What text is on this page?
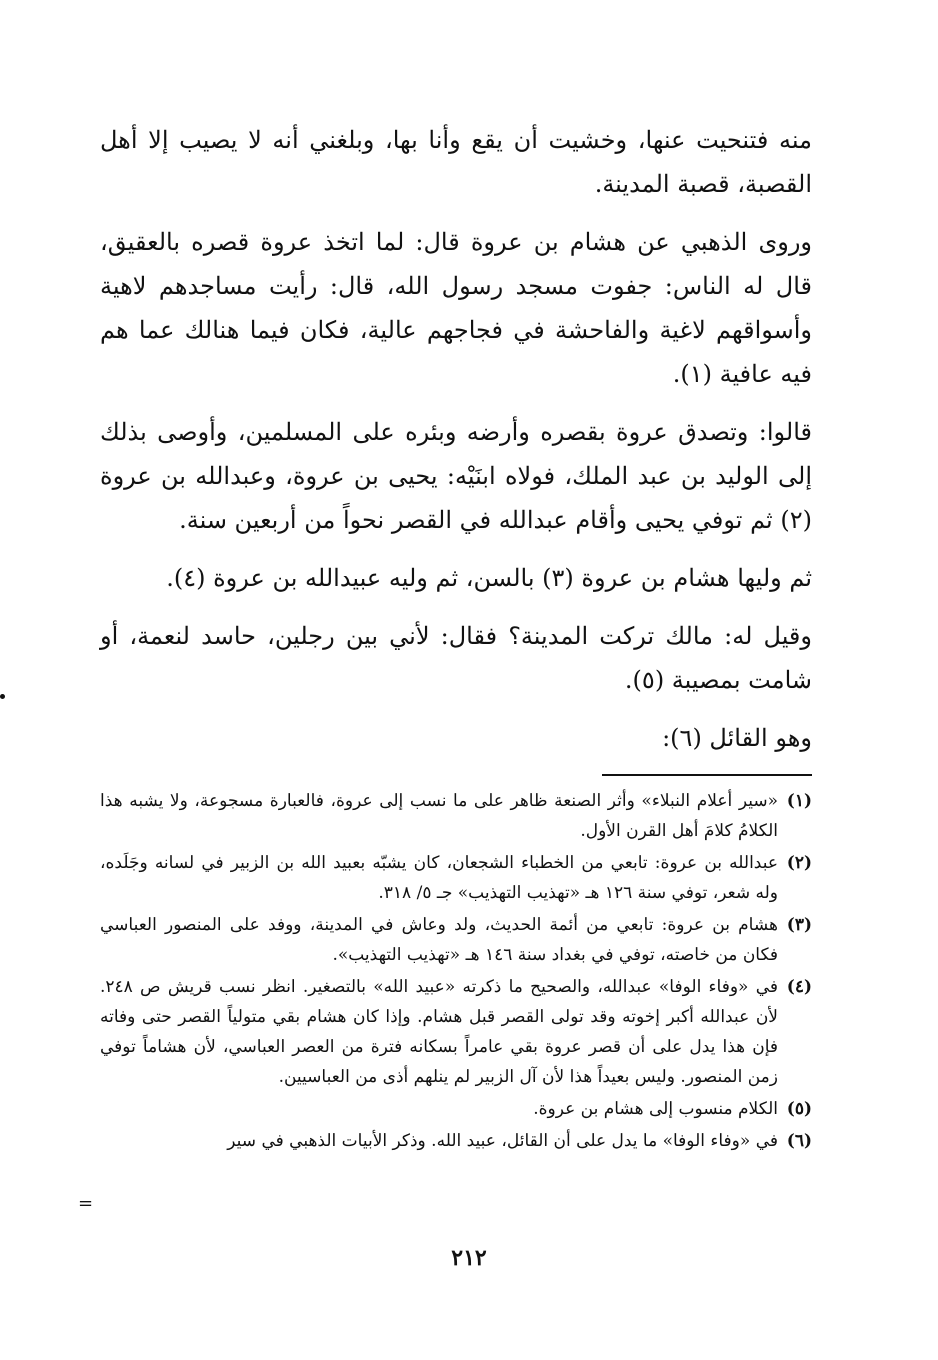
منه فتنحيت عنها، وخشيت أن يقع وأنا بها، وبلغني أنه لا يصيب إلا أهل القصبة، قصبة المدينة.

وروى الذهبي عن هشام بن عروة قال: لما اتخذ عروة قصره بالعقيق، قال له الناس: جفوت مسجد رسول الله، قال: رأيت مساجدهم لاهية وأسواقهم لاغية والفاحشة في فجاجهم عالية، فكان فيما هنالك عما هم فيه عافية (١).

قالوا: وتصدق عروة بقصره وأرضه وبئره على المسلمين، وأوصى بذلك إلى الوليد بن عبد الملك، فولاه ابنَيْه: يحيى بن عروة، وعبدالله بن عروة (٢) ثم توفي يحيى وأقام عبدالله في القصر نحواً من أربعين سنة.

ثم وليها هشام بن عروة (٣) بالسن، ثم وليه عبيدالله بن عروة (٤).

وقيل له: مالك تركت المدينة؟ فقال: لأني بين رجلين، حاسد لنعمة، أو شامت بمصيبة (٥).

وهو القائل (٦):

(١)
«سير أعلام النبلاء» وأثر الصنعة ظاهر على ما نسب إلى عروة، فالعبارة مسجوعة، ولا يشبه هذا الكلامُ كلامَ أهل القرن الأول.
(٢)
عبدالله بن عروة: تابعي من الخطباء الشجعان، كان يشبّه بعبيد الله بن الزبير في لسانه وجَلَده، وله شعر، توفي سنة ١٢٦ هـ «تهذيب التهذيب» جـ ٥/ ٣١٨.
(٣)
هشام بن عروة: تابعي من أئمة الحديث، ولد وعاش في المدينة، ووفد على المنصور العباسي فكان من خاصته، توفي في بغداد سنة ١٤٦ هـ «تهذيب التهذيب».
(٤)
في «وفاء الوفا» عبدالله، والصحيح ما ذكرته «عبيد الله» بالتصغير. انظر نسب قريش ص ٢٤٨. لأن عبدالله أكبر إخوته وقد تولى القصر قبل هشام. وإذا كان هشام بقي متولياً القصر حتى وفاته فإن هذا يدل على أن قصر عروة بقي عامراً بسكانه فترة من العصر العباسي، لأن هشاماً توفي زمن المنصور. وليس بعيداً هذا لأن آل الزبير لم ينلهم أذى من العباسيين.
(٥)
الكلام منسوب إلى هشام بن عروة.
(٦)
في «وفاء الوفا» ما يدل على أن القائل، عبيد الله. وذكر الأبيات الذهبي في سير
=
٢١٢
